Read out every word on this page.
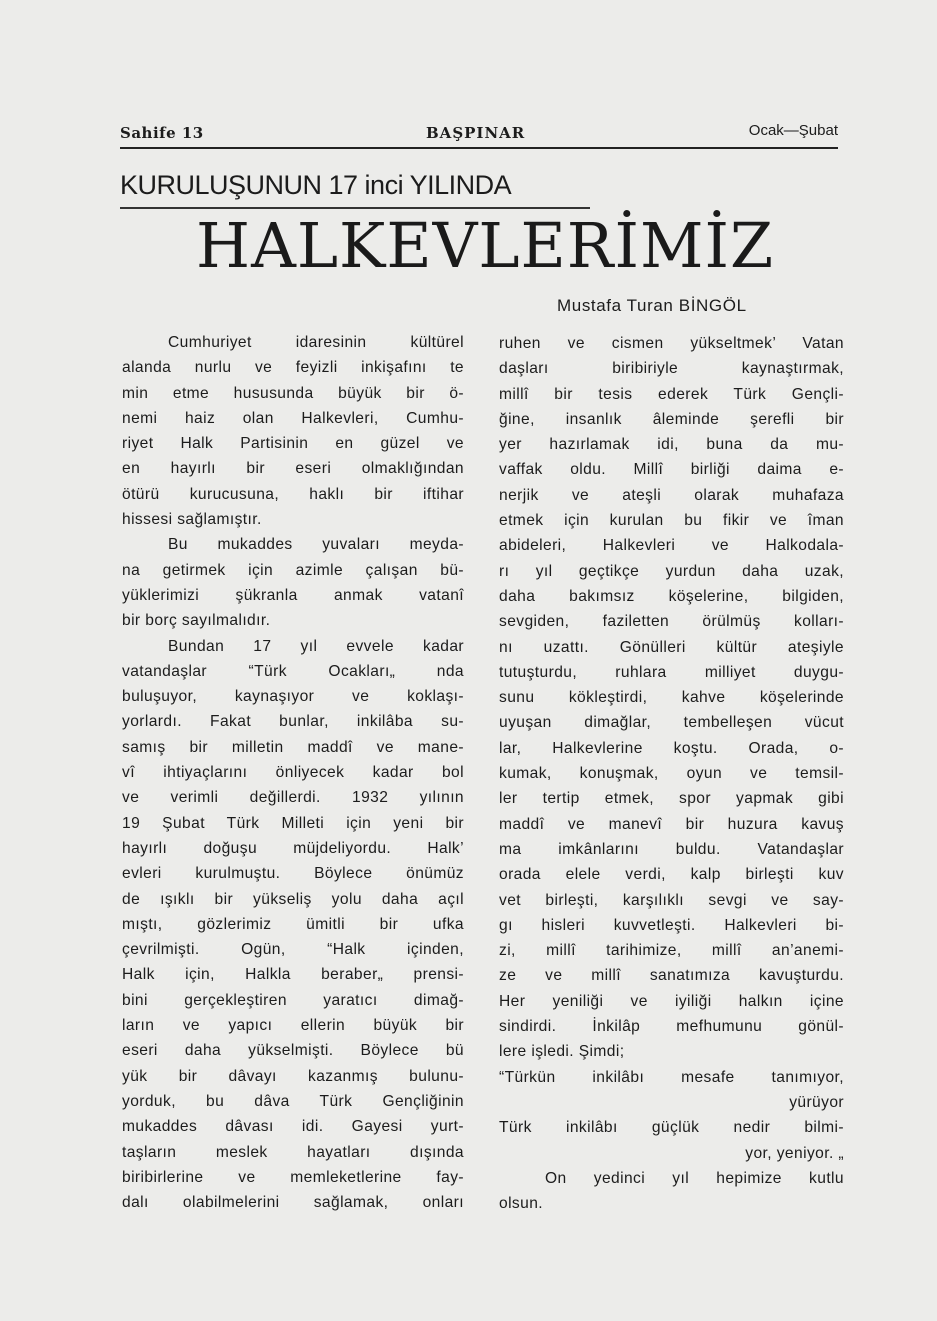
Sahife 13	BAŞPINAR	Ocak—Şubat
KURULUŞUNUN 17 inci YILINDA
HALKEVLERİMİZ
Mustafa Turan BİNGÖL

Cumhuriyet idaresinin kültürel

alanda nurlu ve feyizli inkişafını te

min etme hususunda büyük bir ö-

nemi haiz olan Halkevleri, Cumhu-

riyet Halk Partisinin en güzel ve

en hayırlı bir eseri olmaklığından

ötürü kurucusuna, haklı bir iftihar

hissesi sağlamıştır.

Bu mukaddes yuvaları meyda-

na getirmek için azimle çalışan bü-

yüklerimizi şükranla anmak vatanî

bir borç sayılmalıdır.

Bundan 17 yıl evvele kadar

vatandaşlar “Türk Ocakları„ nda

buluşuyor, kaynaşıyor ve koklaşı-

yorlardı. Fakat bunlar, inkilâba su-

samış bir milletin maddî ve mane-

vî ihtiyaçlarını önliyecek kadar bol

ve verimli değillerdi. 1932 yılının

19 Şubat Türk Milleti için yeni bir

hayırlı doğuşu müjdeliyordu. Halk’

evleri kurulmuştu. Böylece önümüz

de ışıklı bir yükseliş yolu daha açıl

mıştı, gözlerimiz ümitli bir ufka

çevrilmişti. Ogün, “Halk içinden,

Halk için, Halkla beraber„ prensi-

bini gerçekleştiren yaratıcı dimağ-

ların ve yapıcı ellerin büyük bir

eseri daha yükselmişti. Böylece bü

yük bir dâvayı kazanmış bulunu-

yorduk, bu dâva Türk Gençliğinin

mukaddes dâvası idi. Gayesi yurt-

taşların meslek hayatları dışında

biribirlerine ve memleketlerine fay-

dalı olabilmelerini sağlamak, onları

ruhen ve cismen yükseltmek’ Vatan

daşları biribiriyle kaynaştırmak,

millî bir tesis ederek Türk Gençli-

ğine, insanlık âleminde şerefli bir

yer hazırlamak idi, buna da mu-

vaffak oldu. Millî birliği daima e-

nerjik ve ateşli olarak muhafaza

etmek için kurulan bu fikir ve îman

abideleri, Halkevleri ve Halkodala-

rı yıl geçtikçe yurdun daha uzak,

daha bakımsız köşelerine, bilgiden,

sevgiden, faziletten örülmüş kolları-

nı uzattı. Gönülleri kültür ateşiyle

tutuşturdu, ruhlara milliyet duygu-

sunu kökleştirdi, kahve köşelerinde

uyuşan dimağlar, tembelleşen vücut

lar, Halkevlerine koştu. Orada, o-

kumak, konuşmak, oyun ve temsil-

ler tertip etmek, spor yapmak gibi

maddî ve manevî bir huzura kavuş

ma imkânlarını buldu. Vatandaşlar

orada elele verdi, kalp birleşti kuv

vet birleşti, karşılıklı sevgi ve say-

gı hisleri kuvvetleşti. Halkevleri bi-

zi, millî tarihimize, millî an’anemi-

ze ve millî sanatımıza kavuşturdu.

Her yeniliği ve iyiliği halkın içine

sindirdi. İnkilâp mefhumunu gönül-

lere işledi. Şimdi;

“Türkün inkilâbı mesafe tanımıyor,

yürüyor

Türk inkilâbı güçlük nedir bilmi-

yor, yeniyor. „

On yedinci yıl hepimize kutlu

olsun.
